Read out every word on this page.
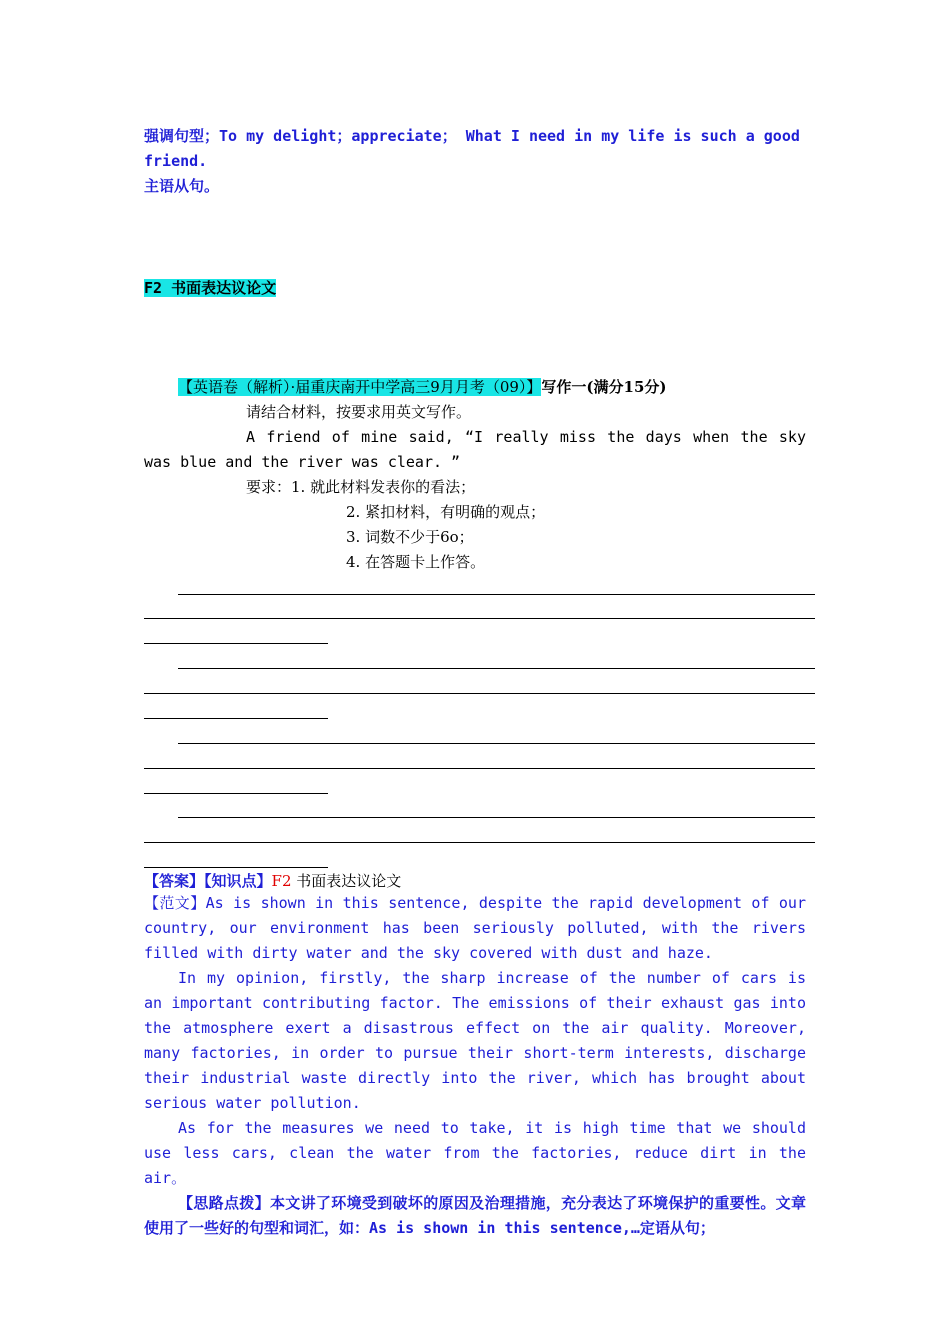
强调句型；To my delight；appreciate； What I need in my life is such a good friend.
主语从句。
F2 书面表达议论文
【英语卷（解析）·届重庆南开中学高三9月月考（09）】写作一(满分15分)
请结合材料，按要求用英文写作。
A friend of mine said, “I really miss the days when the sky was blue and the river was clear. ”
要求：1. 就此材料发表你的看法；
2. 紧扣材料，有明确的观点；
3. 词数不少于6o；
4. 在答题卡上作答。
【答案】【知识点】F2 书面表达议论文
【范文】As is shown in this sentence, despite the rapid development of our country, our environment has been seriously polluted, with the rivers filled with dirty water and the sky covered with dust and haze.
In my opinion, firstly, the sharp increase of the number of cars is an important contributing factor. The emissions of their exhaust gas into the atmosphere exert a disastrous effect on the air quality. Moreover, many factories, in order to pursue their short-term interests, discharge their industrial waste directly into the river, which has brought about serious water pollution.
As for the measures we need to take, it is high time that we should use less cars, clean the water from the factories, reduce dirt in the air。
【思路点拨】本文讲了环境受到破坏的原因及治理措施，充分表达了环境保护的重要性。文章使用了一些好的句型和词汇，如：As is shown in this sentence,…定语从句；
